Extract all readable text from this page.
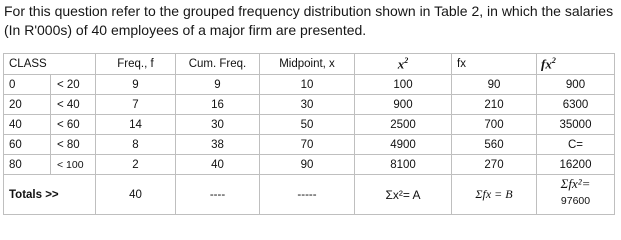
For this question refer to the grouped frequency distribution shown in Table 2, in which the salaries (In R'000s) of 40 employees of a major firm are presented.
CLASS		Freq., f	Cum. Freq.	Midpoint, x	$x^2$	fx	$fx^2$
0	< 20	9	9	10	100	90	900
20	< 40	7	16	30	900	210	6300
40	< 60	14	30	50	2500	700	35000
60	< 80	8	38	70	4900	560	C=
80	< 100	2	40	90	8100	270	16200
Totals >>		40	----	-----	Σx²= A	Σfx = B	Σfx²=
97600
